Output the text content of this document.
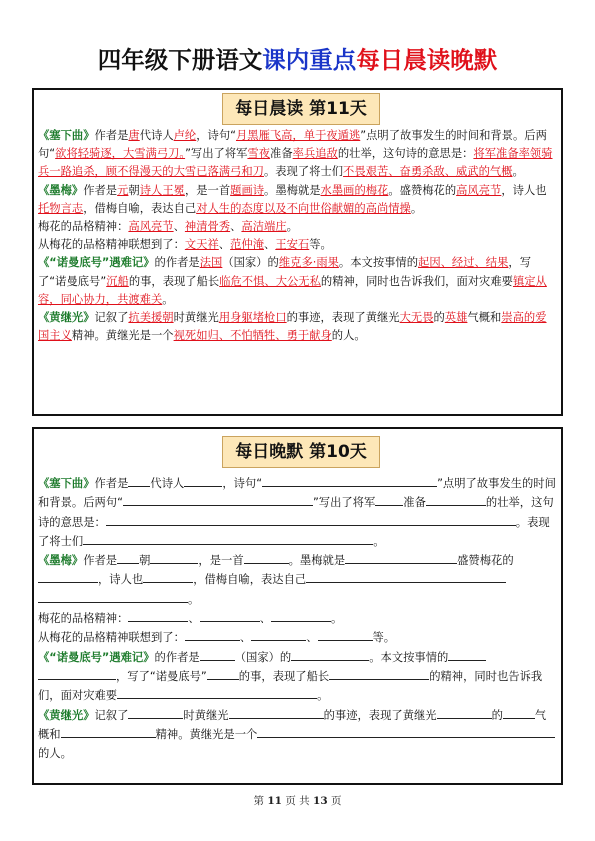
四年级下册语文课内重点每日晨读晚默
每日晨读 第11天

《塞下曲》作者是唐代诗人卢纶，诗句“月黑雁飞高，单于夜遁逃”点明了故事发生的时间和背景。后两句“欲将轻骑逐，大雪满弓刀。”写出了将军雪夜准备率兵追敌的壮举，这句诗的意思是：将军准备率领骑兵一路追杀，顾不得漫天的大雪已落满弓和刀。表现了将士们不畏艰苦、奋勇杀敌、威武的气概。

《墨梅》作者是元朝诗人王冕，是一首题画诗。墨梅就是水墨画的梅花。盛赞梅花的高风亮节，诗人也托物言志，借梅自喻，表达自己对人生的态度以及不向世俗献媚的高尚情操。

梅花的品格精神：高风亮节、神清骨秀、高洁端庄。

从梅花的品格精神联想到了：文天祥、范仲淹、王安石等。

《“诺曼底号”遇难记》的作者是法国（国家）的维克多·雨果。本文按事情的起因、经过、结果，写了“诺曼底号”沉船的事，表现了船长临危不惧、大公无私的精神，同时也告诉我们，面对灾难要镇定从容，同心协力，共渡难关。

《黄继光》记叙了抗美援朝时黄继光用身躯堵枪口的事迹，表现了黄继光大无畏的英雄气概和崇高的爱国主义精神。黄继光是一个视死如归、不怕牺牲、勇于献身的人。

每日晚默 第10天

《塞下曲》作者是 代诗人	，诗句“	”点明了故事发生的时间和背景。后两句“	”写出了将军 准备	的壮举，这句诗的意思是：	。表现了将士们	。

《墨梅》作者是 朝	，是一首	。墨梅就是	盛赞梅花的，诗人也	，借梅自喻，表达自己。

梅花的品格精神：	、	、	。

从梅花的品格精神联想到了：	、	、	等。

《“诺曼底号”遇难记》的作者是	（国家）的	。本文按事情的，写了“诺曼底号”	的事，表现了船长	的精神，同时也告诉我们，面对灾难要	。

《黄继光》记叙了	时黄继光	的事迹，表现了黄继光	的	气概和	精神。黄继光是一个的人。

第 11 页 共 13 页
